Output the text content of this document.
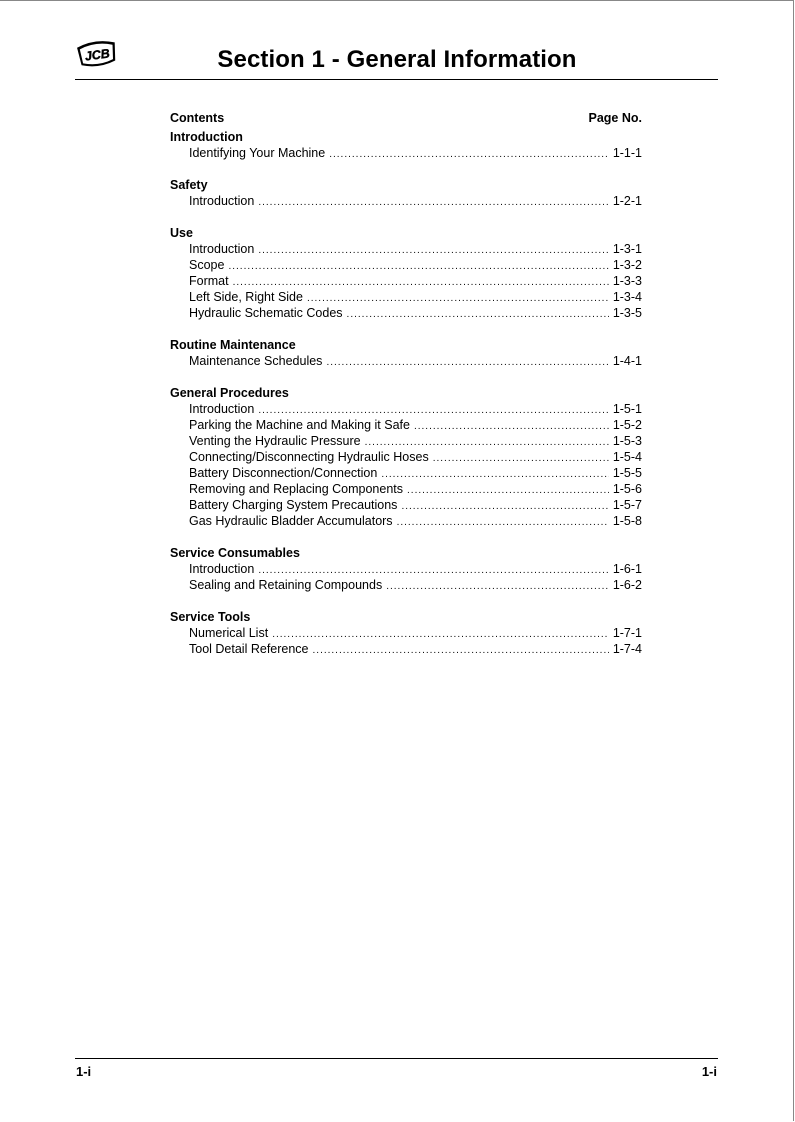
JCB	Section 1 - General Information
Contents	Page No.
Introduction
Identifying Your Machine .....	1-1-1
Safety
Introduction .....	1-2-1
Use
Introduction .....	1-3-1
Scope .....	1-3-2
Format .....	1-3-3
Left Side, Right Side .....	1-3-4
Hydraulic Schematic Codes .....	1-3-5
Routine Maintenance
Maintenance Schedules .....	1-4-1
General Procedures
Introduction .....	1-5-1
Parking the Machine and Making it Safe .....	1-5-2
Venting the Hydraulic Pressure .....	1-5-3
Connecting/Disconnecting Hydraulic Hoses .....	1-5-4
Battery Disconnection/Connection .....	1-5-5
Removing and Replacing Components .....	1-5-6
Battery Charging System Precautions .....	1-5-7
Gas Hydraulic Bladder Accumulators .....	1-5-8
Service Consumables
Introduction .....	1-6-1
Sealing and Retaining Compounds .....	1-6-2
Service Tools
Numerical List .....	1-7-1
Tool Detail Reference .....	1-7-4
1-i	1-i
